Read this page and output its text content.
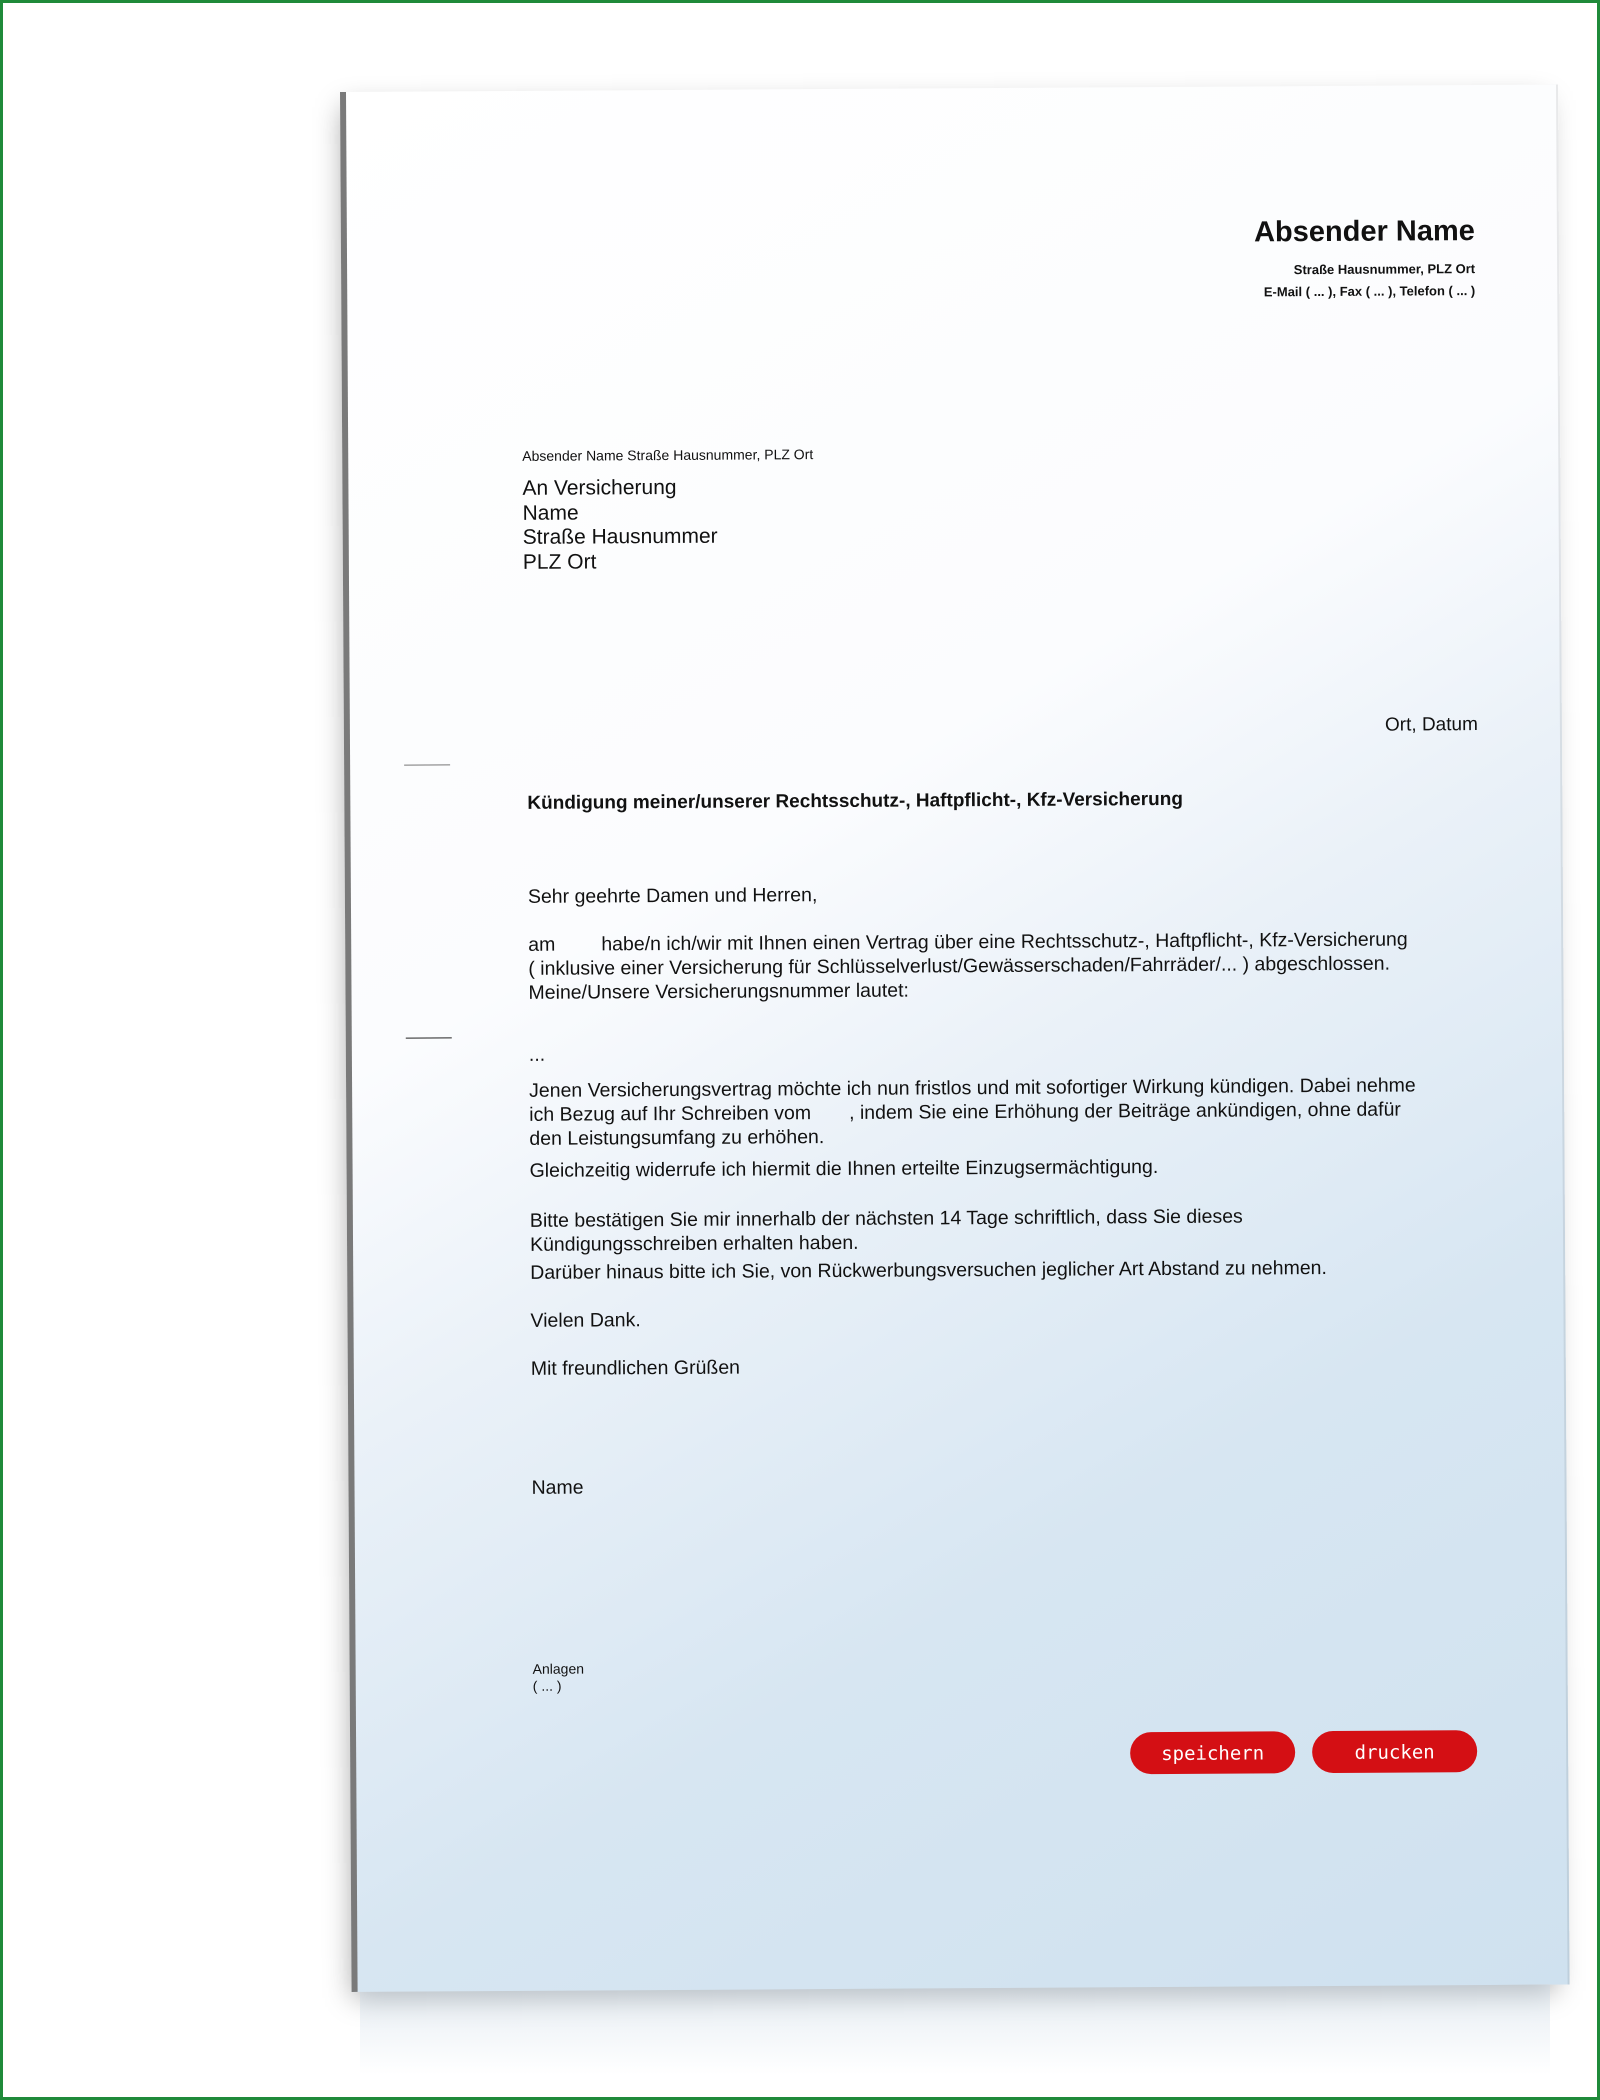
Absender Name
Straße Hausnummer, PLZ Ort
E-Mail ( ... ), Fax ( ... ), Telefon ( ... )
Absender Name Straße Hausnummer, PLZ Ort
An Versicherung
Name
Straße Hausnummer
PLZ Ort
Ort, Datum
Kündigung meiner/unserer Rechtsschutz-, Haftpflicht-, Kfz-Versicherung
Sehr geehrte Damen und Herren,
am habe/n ich/wir mit Ihnen einen Vertrag über eine Rechtsschutz-, Haftpflicht-, Kfz-Versicherung
( inklusive einer Versicherung für Schlüsselverlust/Gewässerschaden/Fahrräder/... ) abgeschlossen.
Meine/Unsere Versicherungsnummer lautet:
...
Jenen Versicherungsvertrag möchte ich nun fristlos und mit sofortiger Wirkung kündigen. Dabei nehme
ich Bezug auf Ihr Schreiben vom , indem Sie eine Erhöhung der Beiträge ankündigen, ohne dafür
den Leistungsumfang zu erhöhen.
Gleichzeitig widerrufe ich hiermit die Ihnen erteilte Einzugsermächtigung.
Bitte bestätigen Sie mir innerhalb der nächsten 14 Tage schriftlich, dass Sie dieses
Kündigungsschreiben erhalten haben.
Darüber hinaus bitte ich Sie, von Rückwerbungsversuchen jeglicher Art Abstand zu nehmen.
Vielen Dank.
Mit freundlichen Grüßen
Name
Anlagen
( ... )
speichern	drucken
